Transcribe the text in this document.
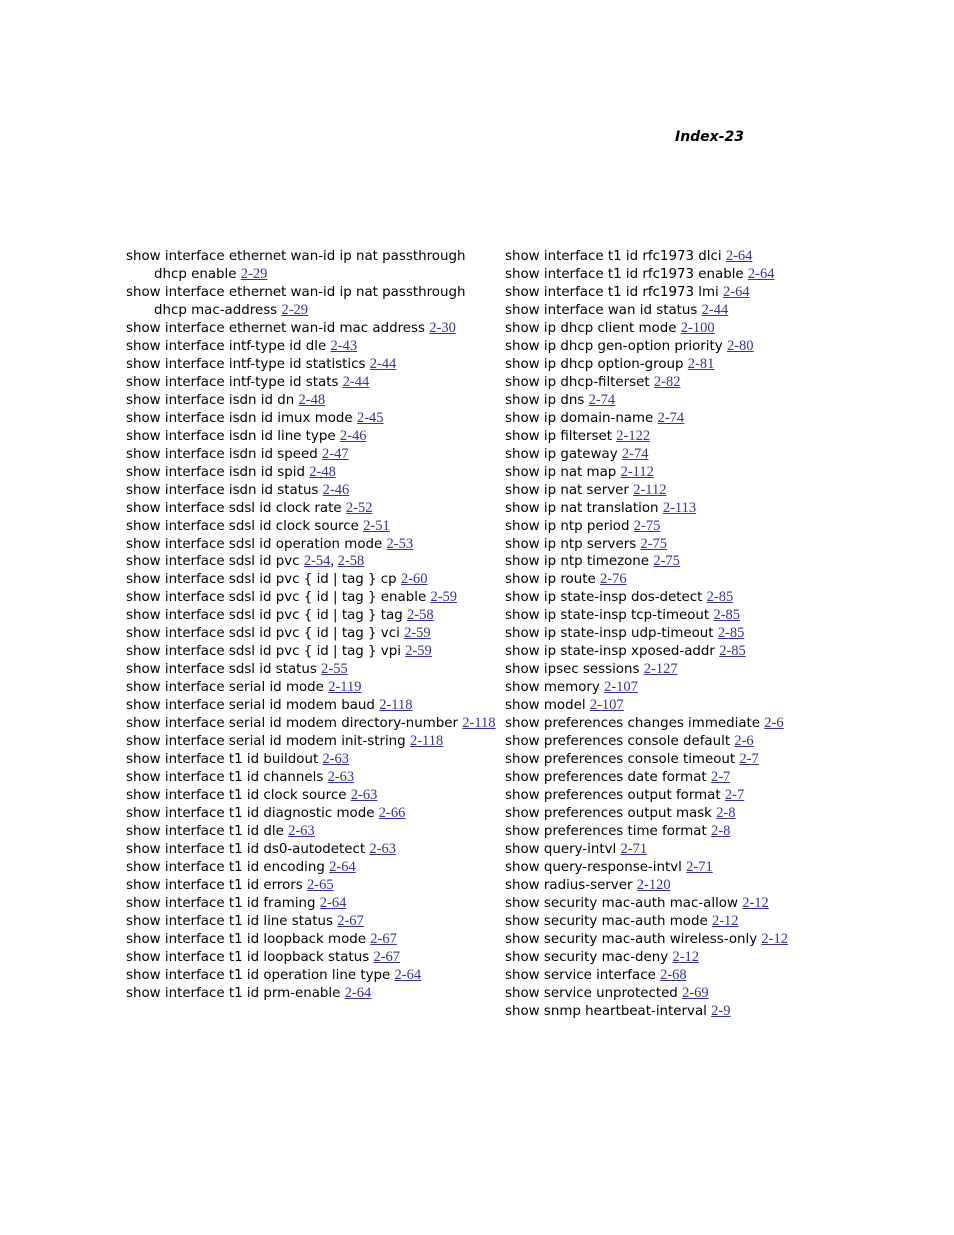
Index-23
show interface ethernet wan-id ip nat passthrough dhcp enable 2-29
show interface ethernet wan-id ip nat passthrough dhcp mac-address 2-29
show interface ethernet wan-id mac address 2-30
show interface intf-type id dle 2-43
show interface intf-type id statistics 2-44
show interface intf-type id stats 2-44
show interface isdn id dn 2-48
show interface isdn id imux mode 2-45
show interface isdn id line type 2-46
show interface isdn id speed 2-47
show interface isdn id spid 2-48
show interface isdn id status 2-46
show interface sdsl id clock rate 2-52
show interface sdsl id clock source 2-51
show interface sdsl id operation mode 2-53
show interface sdsl id pvc 2-54, 2-58
show interface sdsl id pvc { id | tag } cp 2-60
show interface sdsl id pvc { id | tag } enable 2-59
show interface sdsl id pvc { id | tag } tag 2-58
show interface sdsl id pvc { id | tag } vci 2-59
show interface sdsl id pvc { id | tag } vpi 2-59
show interface sdsl id status 2-55
show interface serial id mode 2-119
show interface serial id modem baud 2-118
show interface serial id modem directory-number 2-118
show interface serial id modem init-string 2-118
show interface t1 id buildout 2-63
show interface t1 id channels 2-63
show interface t1 id clock source 2-63
show interface t1 id diagnostic mode 2-66
show interface t1 id dle 2-63
show interface t1 id ds0-autodetect 2-63
show interface t1 id encoding 2-64
show interface t1 id errors 2-65
show interface t1 id framing 2-64
show interface t1 id line status 2-67
show interface t1 id loopback mode 2-67
show interface t1 id loopback status 2-67
show interface t1 id operation line type 2-64
show interface t1 id prm-enable 2-64
show interface t1 id rfc1973 dlci 2-64
show interface t1 id rfc1973 enable 2-64
show interface t1 id rfc1973 lmi 2-64
show interface wan id status 2-44
show ip dhcp client mode 2-100
show ip dhcp gen-option priority 2-80
show ip dhcp option-group 2-81
show ip dhcp-filterset 2-82
show ip dns 2-74
show ip domain-name 2-74
show ip filterset 2-122
show ip gateway 2-74
show ip nat map 2-112
show ip nat server 2-112
show ip nat translation 2-113
show ip ntp period 2-75
show ip ntp servers 2-75
show ip ntp timezone 2-75
show ip route 2-76
show ip state-insp dos-detect 2-85
show ip state-insp tcp-timeout 2-85
show ip state-insp udp-timeout 2-85
show ip state-insp xposed-addr 2-85
show ipsec sessions 2-127
show memory 2-107
show model 2-107
show preferences changes immediate 2-6
show preferences console default 2-6
show preferences console timeout 2-7
show preferences date format 2-7
show preferences output format 2-7
show preferences output mask 2-8
show preferences time format 2-8
show query-intvl 2-71
show query-response-intvl 2-71
show radius-server 2-120
show security mac-auth mac-allow 2-12
show security mac-auth mode 2-12
show security mac-auth wireless-only 2-12
show security mac-deny 2-12
show service interface 2-68
show service unprotected 2-69
show snmp heartbeat-interval 2-9
